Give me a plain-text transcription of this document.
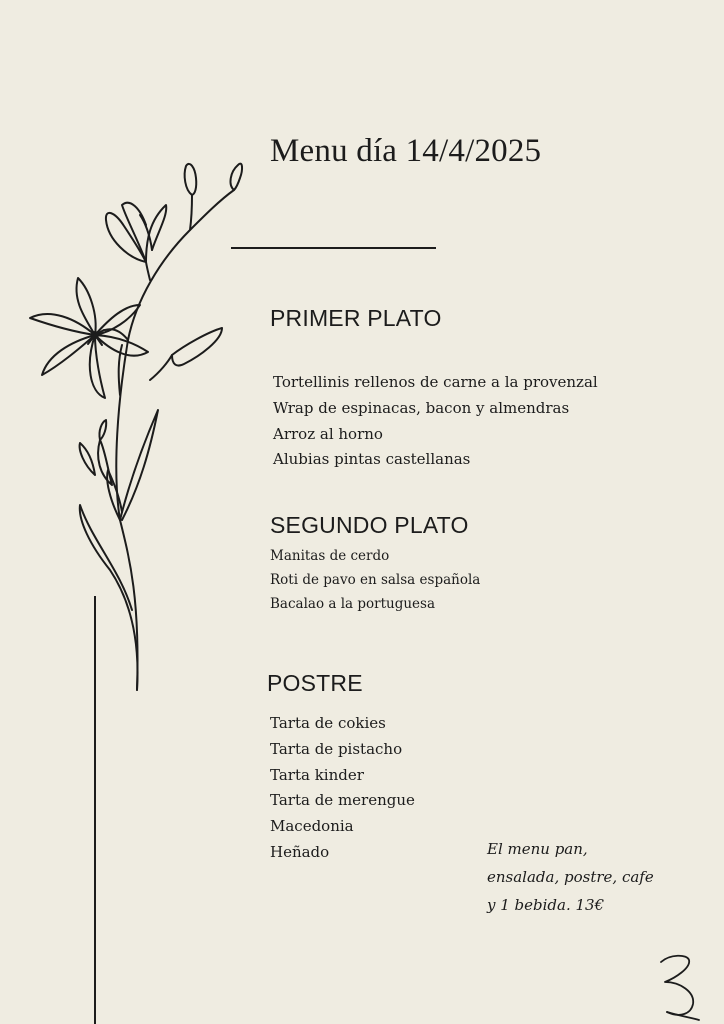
Menu día 14/4/2025
PRIMER PLATO
Tortellinis rellenos de carne a la provenzal
Wrap de espinacas, bacon y almendras
Arroz al horno
Alubias pintas castellanas
SEGUNDO PLATO
Manitas de cerdo
Roti de pavo en salsa española
Bacalao a la portuguesa
POSTRE
Tarta de cokies
Tarta de pistacho
Tarta kinder
Tarta de merengue
Macedonia
Heñado	El menu pan,
ensalada, postre, cafe
y 1 bebida. 13€
